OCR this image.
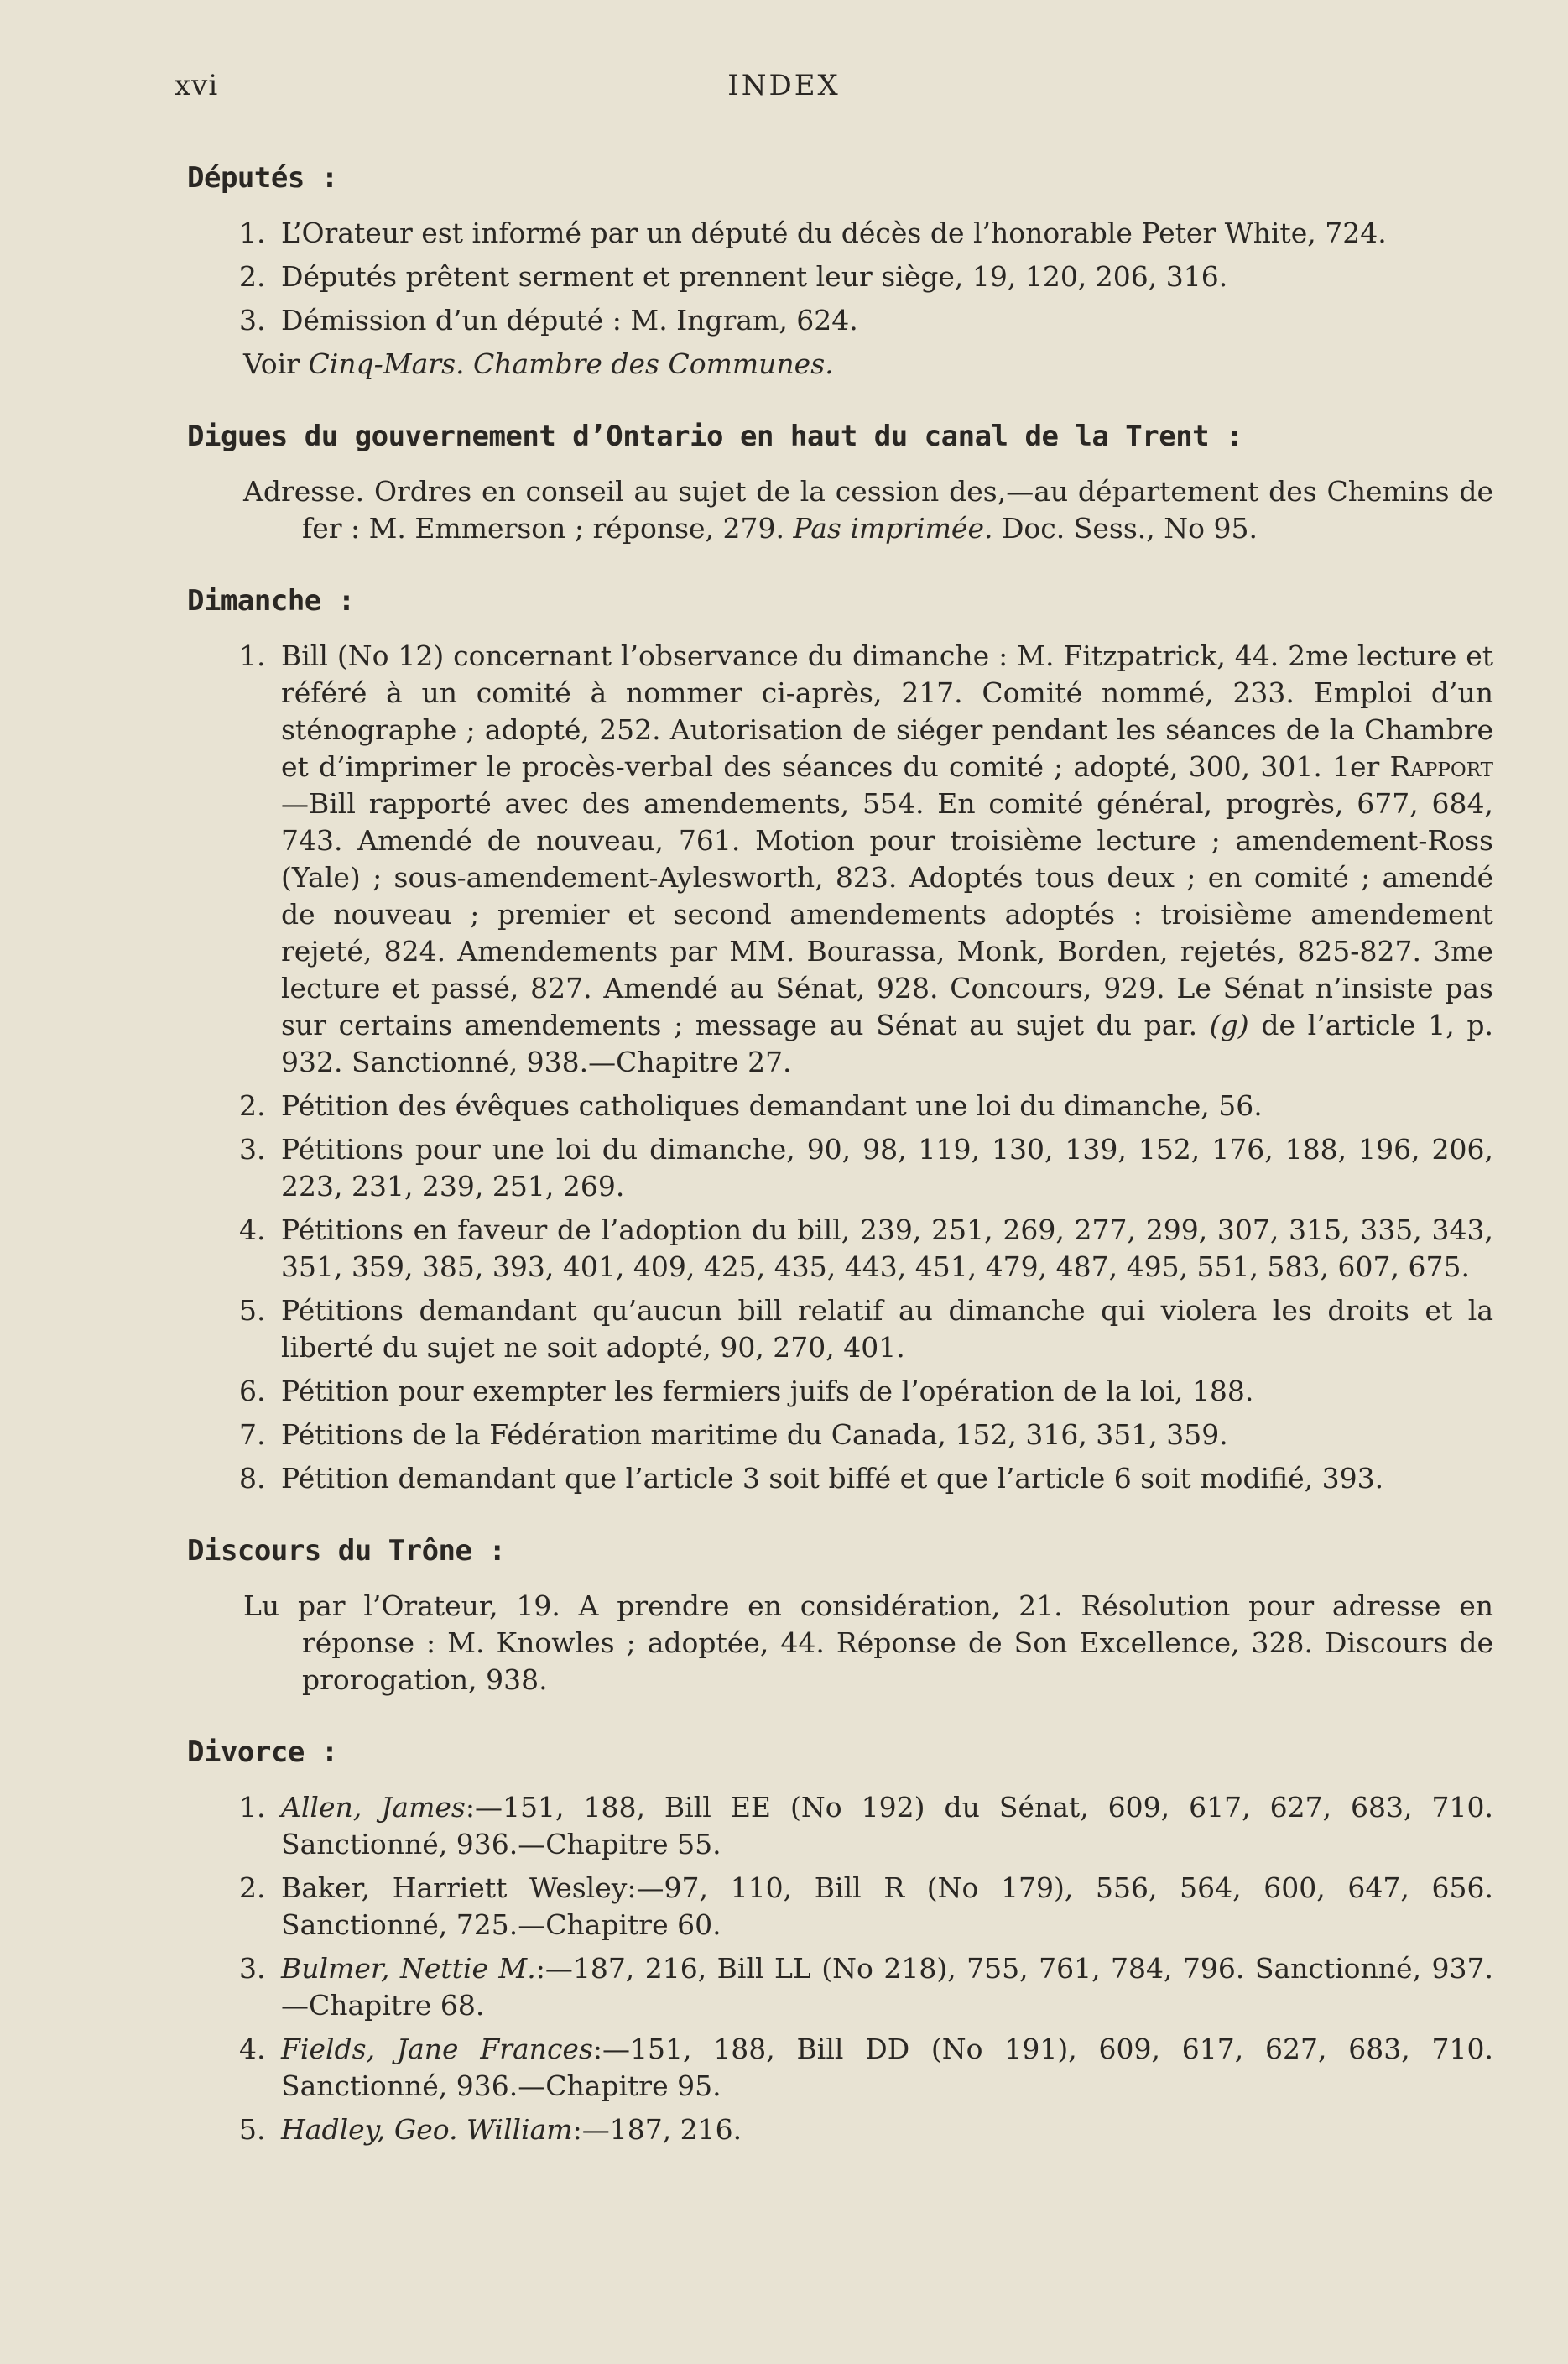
xvi	INDEX
Députés :
1. L’Orateur est informé par un député du décès de l’honorable Peter White, 724.
2. Députés prêtent serment et prennent leur siège, 19, 120, 206, 316.
3. Démission d’un député : M. Ingram, 624.
Voir Cinq-Mars. Chambre des Communes.
Digues du gouvernement d’Ontario en haut du canal de la Trent :
Adresse. Ordres en conseil au sujet de la cession des,—au département des Chemins de fer : M. Emmerson ; réponse, 279. Pas imprimée. Doc. Sess., No 95.
Dimanche :
1. Bill (No 12) concernant l’observance du dimanche : M. Fitzpatrick, 44. 2me lecture et référé à un comité à nommer ci-après, 217. Comité nommé, 233. Emploi d’un sténographe ; adopté, 252. Autorisation de siéger pendant les séances de la Chambre et d’imprimer le procès-verbal des séances du comité ; adopté, 300, 301. 1er Rapport—Bill rapporté avec des amendements, 554. En comité général, progrès, 677, 684, 743. Amendé de nouveau, 761. Motion pour troisième lecture ; amendement-Ross (Yale) ; sous-amendement-Aylesworth, 823. Adoptés tous deux ; en comité ; amendé de nouveau ; premier et second amendements adoptés : troisième amendement rejeté, 824. Amendements par MM. Bourassa, Monk, Borden, rejetés, 825-827. 3me lecture et passé, 827. Amendé au Sénat, 928. Concours, 929. Le Sénat n’insiste pas sur certains amendements ; message au Sénat au sujet du par. (g) de l’article 1, p. 932. Sanctionné, 938.—Chapitre 27.
2. Pétition des évêques catholiques demandant une loi du dimanche, 56.
3. Pétitions pour une loi du dimanche, 90, 98, 119, 130, 139, 152, 176, 188, 196, 206, 223, 231, 239, 251, 269.
4. Pétitions en faveur de l’adoption du bill, 239, 251, 269, 277, 299, 307, 315, 335, 343, 351, 359, 385, 393, 401, 409, 425, 435, 443, 451, 479, 487, 495, 551, 583, 607, 675.
5. Pétitions demandant qu’aucun bill relatif au dimanche qui violera les droits et la liberté du sujet ne soit adopté, 90, 270, 401.
6. Pétition pour exempter les fermiers juifs de l’opération de la loi, 188.
7. Pétitions de la Fédération maritime du Canada, 152, 316, 351, 359.
8. Pétition demandant que l’article 3 soit biffé et que l’article 6 soit modifié, 393.
Discours du Trône :
Lu par l’Orateur, 19. A prendre en considération, 21. Résolution pour adresse en réponse : M. Knowles ; adoptée, 44. Réponse de Son Excellence, 328. Discours de prorogation, 938.
Divorce :
1. Allen, James:—151, 188, Bill EE (No 192) du Sénat, 609, 617, 627, 683, 710. Sanctionné, 936.—Chapitre 55.
2. Baker, Harriett Wesley:—97, 110, Bill R (No 179), 556, 564, 600, 647, 656. Sanctionné, 725.—Chapitre 60.
3. Bulmer, Nettie M.:—187, 216, Bill LL (No 218), 755, 761, 784, 796. Sanctionné, 937.—Chapitre 68.
4. Fields, Jane Frances:—151, 188, Bill DD (No 191), 609, 617, 627, 683, 710. Sanctionné, 936.—Chapitre 95.
5. Hadley, Geo. William:—187, 216.
